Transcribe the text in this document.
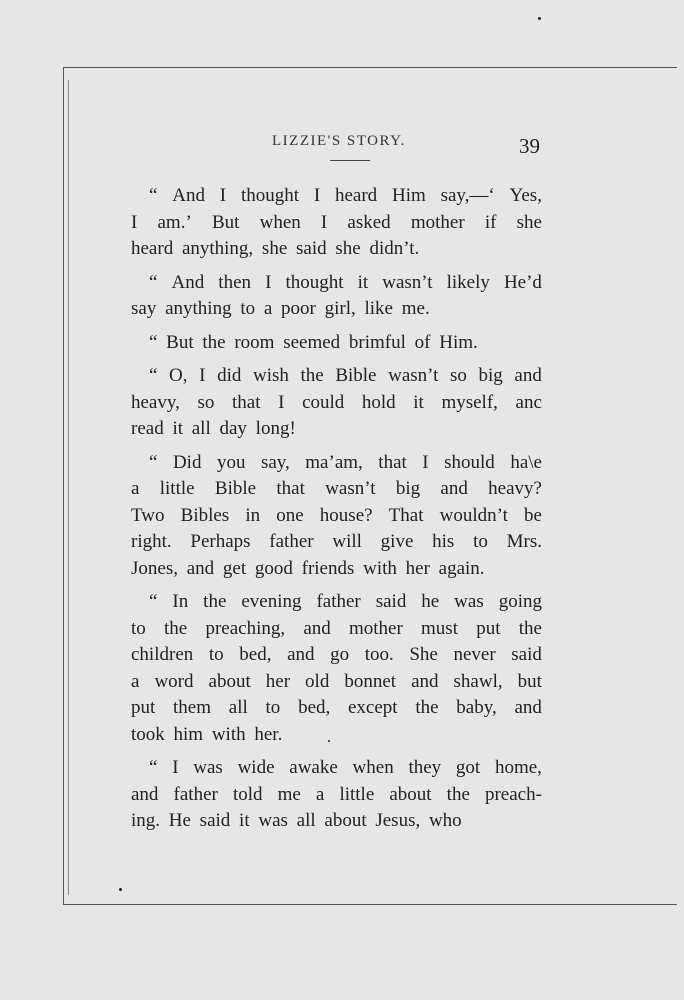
LIZZIE'S STORY.	39
“ And I thought I heard Him say,—‘ Yes,
I am.’ But when I asked mother if she
heard anything, she said she didn’t.
“ And then I thought it wasn’t likely He’d
say anything to a poor girl, like me.
“ But the room seemed brimful of Him.
“ O, I did wish the Bible wasn’t so big and
heavy, so that I could hold it myself, anc
read it all day long!
“ Did you say, ma’am, that I should ha\e
a little Bible that wasn’t big and heavy?
Two Bibles in one house? That wouldn’t be
right. Perhaps father will give his to Mrs.
Jones, and get good friends with her again.
“ In the evening father said he was going
to the preaching, and mother must put the
children to bed, and go too. She never said
a word about her old bonnet and shawl, but
put them all to bed, except the baby, and
took him with her.
“ I was wide awake when they got home,
and father told me a little about the preach-
ing. He said it was all about Jesus, who
